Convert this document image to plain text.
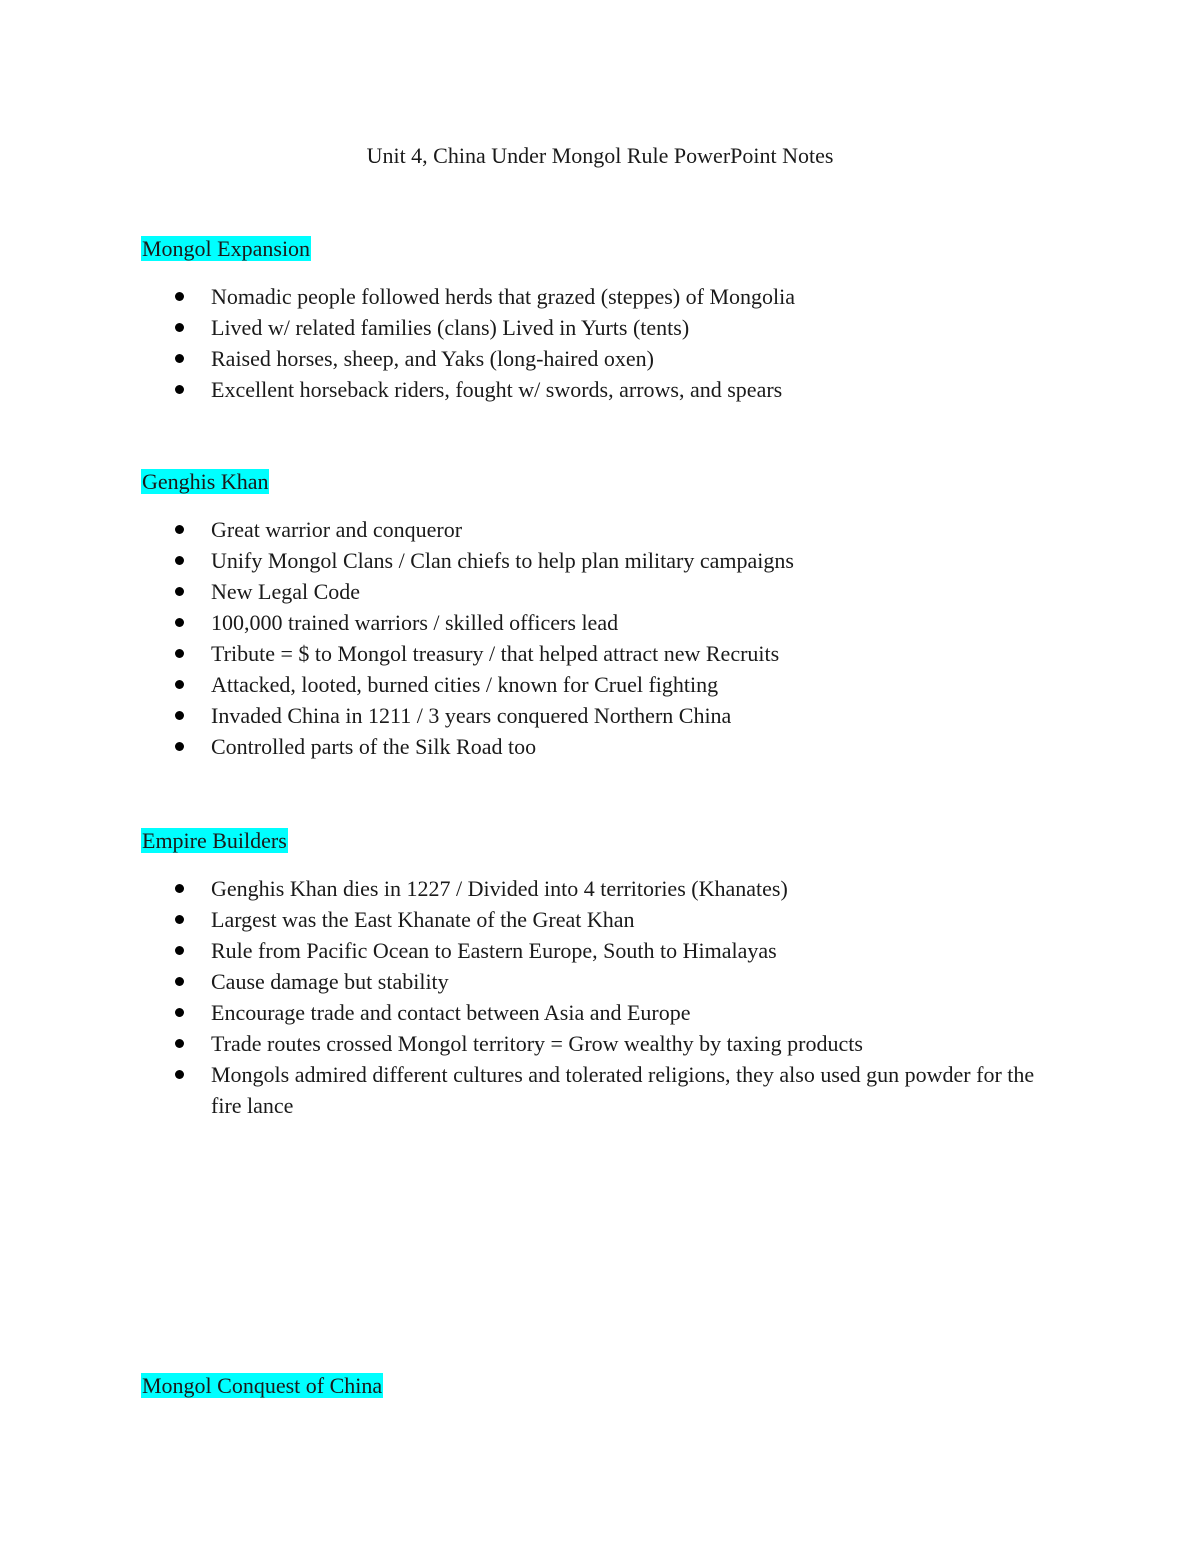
Unit 4, China Under Mongol Rule PowerPoint Notes
Mongol Expansion
Nomadic people followed herds that grazed (steppes) of Mongolia
Lived w/ related families (clans) Lived in Yurts (tents)
Raised horses, sheep, and Yaks (long-haired oxen)
Excellent horseback riders, fought w/ swords, arrows, and spears
Genghis Khan
Great warrior and conqueror
Unify Mongol Clans / Clan chiefs to help plan military campaigns
New Legal Code
100,000 trained warriors / skilled officers lead
Tribute = $ to Mongol treasury / that helped attract new Recruits
Attacked, looted, burned cities / known for Cruel fighting
Invaded China in 1211 / 3 years conquered Northern China
Controlled parts of the Silk Road too
Empire Builders
Genghis Khan dies in 1227 / Divided into 4 territories (Khanates)
Largest was the East Khanate of the Great Khan
Rule from Pacific Ocean to Eastern Europe, South to Himalayas
Cause damage but stability
Encourage trade and contact between Asia and Europe
Trade routes crossed Mongol territory = Grow wealthy by taxing products
Mongols admired different cultures and tolerated religions, they also used gun powder for the fire lance
Mongol Conquest of China
